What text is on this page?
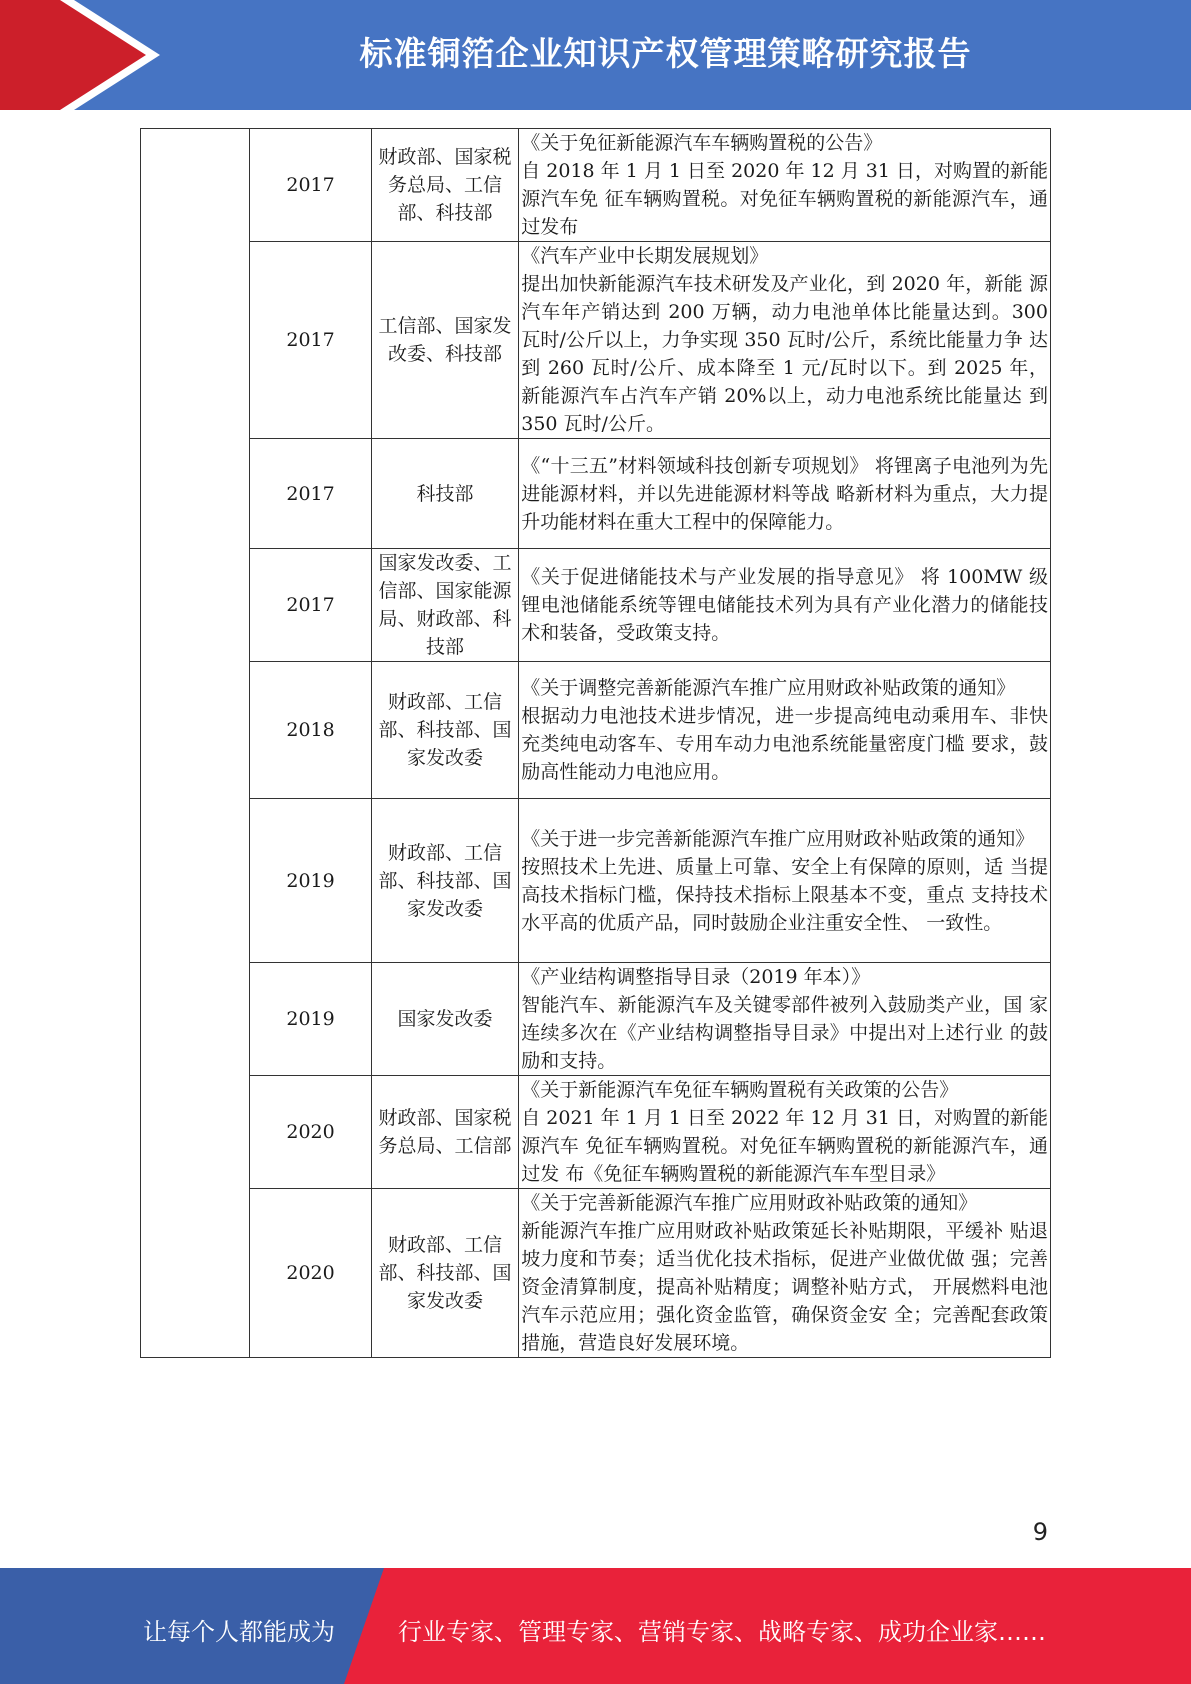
标准铜箔企业知识产权管理策略研究报告
	2017	财政部、国家税 务总局、工信 部、科技部	《关于免征新能源汽车车辆购置税的公告》
自 2018 年 1 月 1 日至 2020 年 12 月 31 日，对购置的新能源汽车免 征车辆购置税。对免征车辆购置税的新能源汽车，通过发布

	2017	工信部、国家发 改委、科技部	《汽车产业中长期发展规划》
提出加快新能源汽车技术研发及产业化，到 2020 年，新能 源汽车年产销达到 200 万辆，动力电池单体比能量达到。300 瓦时/公斤以上，力争实现 350 瓦时/公斤，系统比能量力争 达到 260 瓦时/公斤、成本降至 1 元/瓦时以下。到 2025 年， 新能源汽车占汽车产销 20%以上，动力电池系统比能量达 到 350 瓦时/公斤。

	2017	科技部	《“十三五”材料领域科技创新专项规划》 将锂离子电池列为先进能源材料，并以先进能源材料等战 略新材料为重点，大力提升功能材料在重大工程中的保障能力。

	2017	国家发改委、工 信部、国家能源 局、财政部、科 技部	《关于促进储能技术与产业发展的指导意见》 将 100MW 级锂电池储能系统等锂电储能技术列为具有产业化潜力的储能技术和装备，受政策支持。

	2018	财政部、工信部、科技部、国 家发改委	《关于调整完善新能源汽车推广应用财政补贴政策的通知》
根据动力电池技术进步情况，进一步提高纯电动乘用车、非快充类纯电动客车、专用车动力电池系统能量密度门槛 要求，鼓励高性能动力电池应用。

	2019	财政部、工信部、科技部、国 家发改委	《关于进一步完善新能源汽车推广应用财政补贴政策的通知》
按照技术上先进、质量上可靠、安全上有保障的原则，适 当提高技术指标门槛，保持技术指标上限基本不变，重点 支持技术水平高的优质产品，同时鼓励企业注重安全性、 一致性。

	2019	国家发改委	《产业结构调整指导目录（2019 年本）》
智能汽车、新能源汽车及关键零部件被列入鼓励类产业，国 家连续多次在《产业结构调整指导目录》中提出对上述行业 的鼓励和支持。

	2020	财政部、国家税务总局、工信部	《关于新能源汽车免征车辆购置税有关政策的公告》
自 2021 年 1 月 1 日至 2022 年 12 月 31 日，对购置的新能源汽车 免征车辆购置税。对免征车辆购置税的新能源汽车，通过发 布《免征车辆购置税的新能源汽车车型目录》

	2020	财政部、工信部、科技部、国 家发改委	《关于完善新能源汽车推广应用财政补贴政策的通知》
新能源汽车推广应用财政补贴政策延长补贴期限，平缓补 贴退坡力度和节奏；适当优化技术指标，促进产业做优做 强；完善资金清算制度，提高补贴精度；调整补贴方式， 开展燃料电池汽车示范应用；强化资金监管，确保资金安 全；完善配套政策措施，营造良好发展环境。
9
让每个人都能成为	行业专家、管理专家、营销专家、战略专家、成功企业家……
